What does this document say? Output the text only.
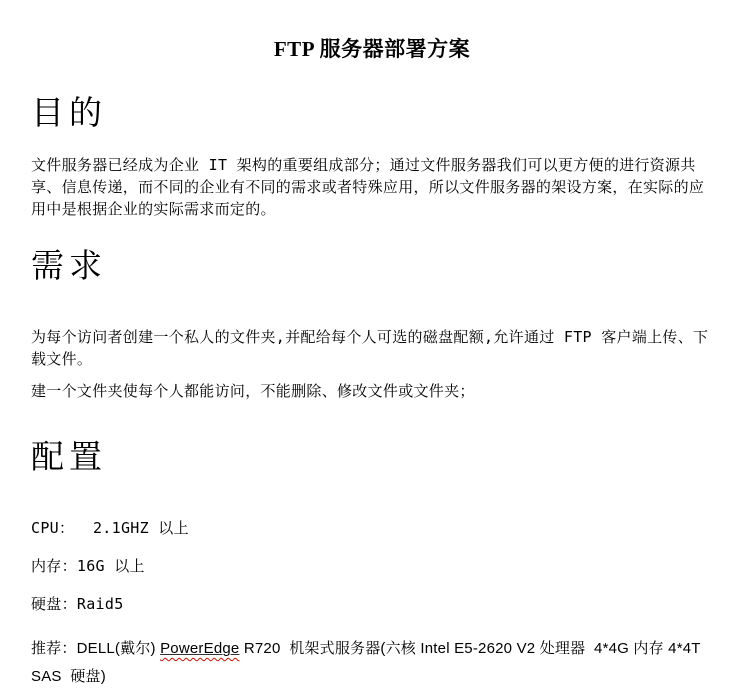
FTP 服务器部署方案
目的

文件服务器已经成为企业 IT 架构的重要组成部分；通过文件服务器我们可以更方便的进行资源共享、信息传递，而不同的企业有不同的需求或者特殊应用，所以文件服务器的架设方案，在实际的应用中是根据企业的实际需求而定的。

需求

为每个访问者创建一个私人的文件夹,并配给每个人可选的磁盘配额,允许通过 FTP 客户端上传、下载文件。

建一个文件夹使每个人都能访问，不能删除、修改文件或文件夹；

配置
CPU：  2.1GHZ 以上
内存：16G 以上
硬盘：Raid5
推荐：DELL(戴尔) PowerEdge R720  机架式服务器(六核 Intel E5-2620 V2 处理器  4*4G 内存 4*4T SAS  硬盘)
